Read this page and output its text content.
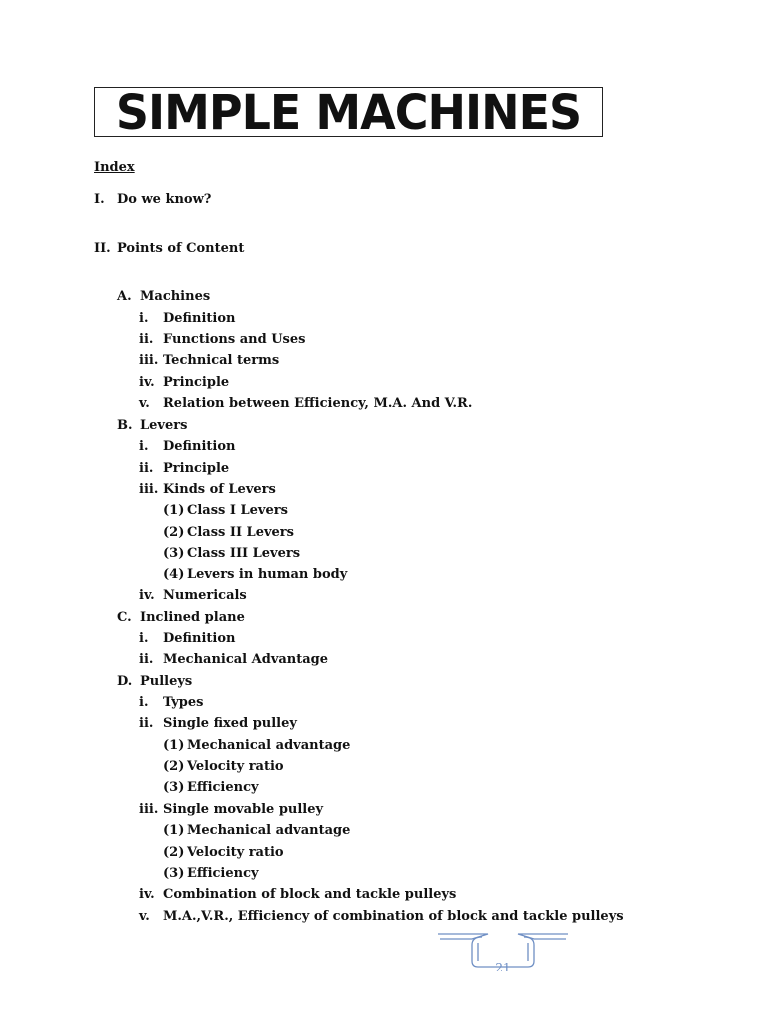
SIMPLE MACHINES
Index
I. Do we know?
II. Points of Content
A. Machines
i. Definition
ii. Functions and Uses
iii. Technical terms
iv. Principle
v. Relation between Efficiency, M.A. And V.R.
B. Levers
i. Definition
ii. Principle
iii. Kinds of Levers
(1) Class I Levers
(2) Class II Levers
(3) Class III Levers
(4) Levers in human body
iv. Numericals
C. Inclined plane
i. Definition
ii. Mechanical Advantage
D. Pulleys
i. Types
ii. Single fixed pulley
(1) Mechanical advantage
(2) Velocity ratio
(3) Efficiency
iii. Single movable pulley
(1) Mechanical advantage
(2) Velocity ratio
(3) Efficiency
iv. Combination of block and tackle pulleys
v. M.A.,V.R., Efficiency of combination of block and tackle pulleys
21
